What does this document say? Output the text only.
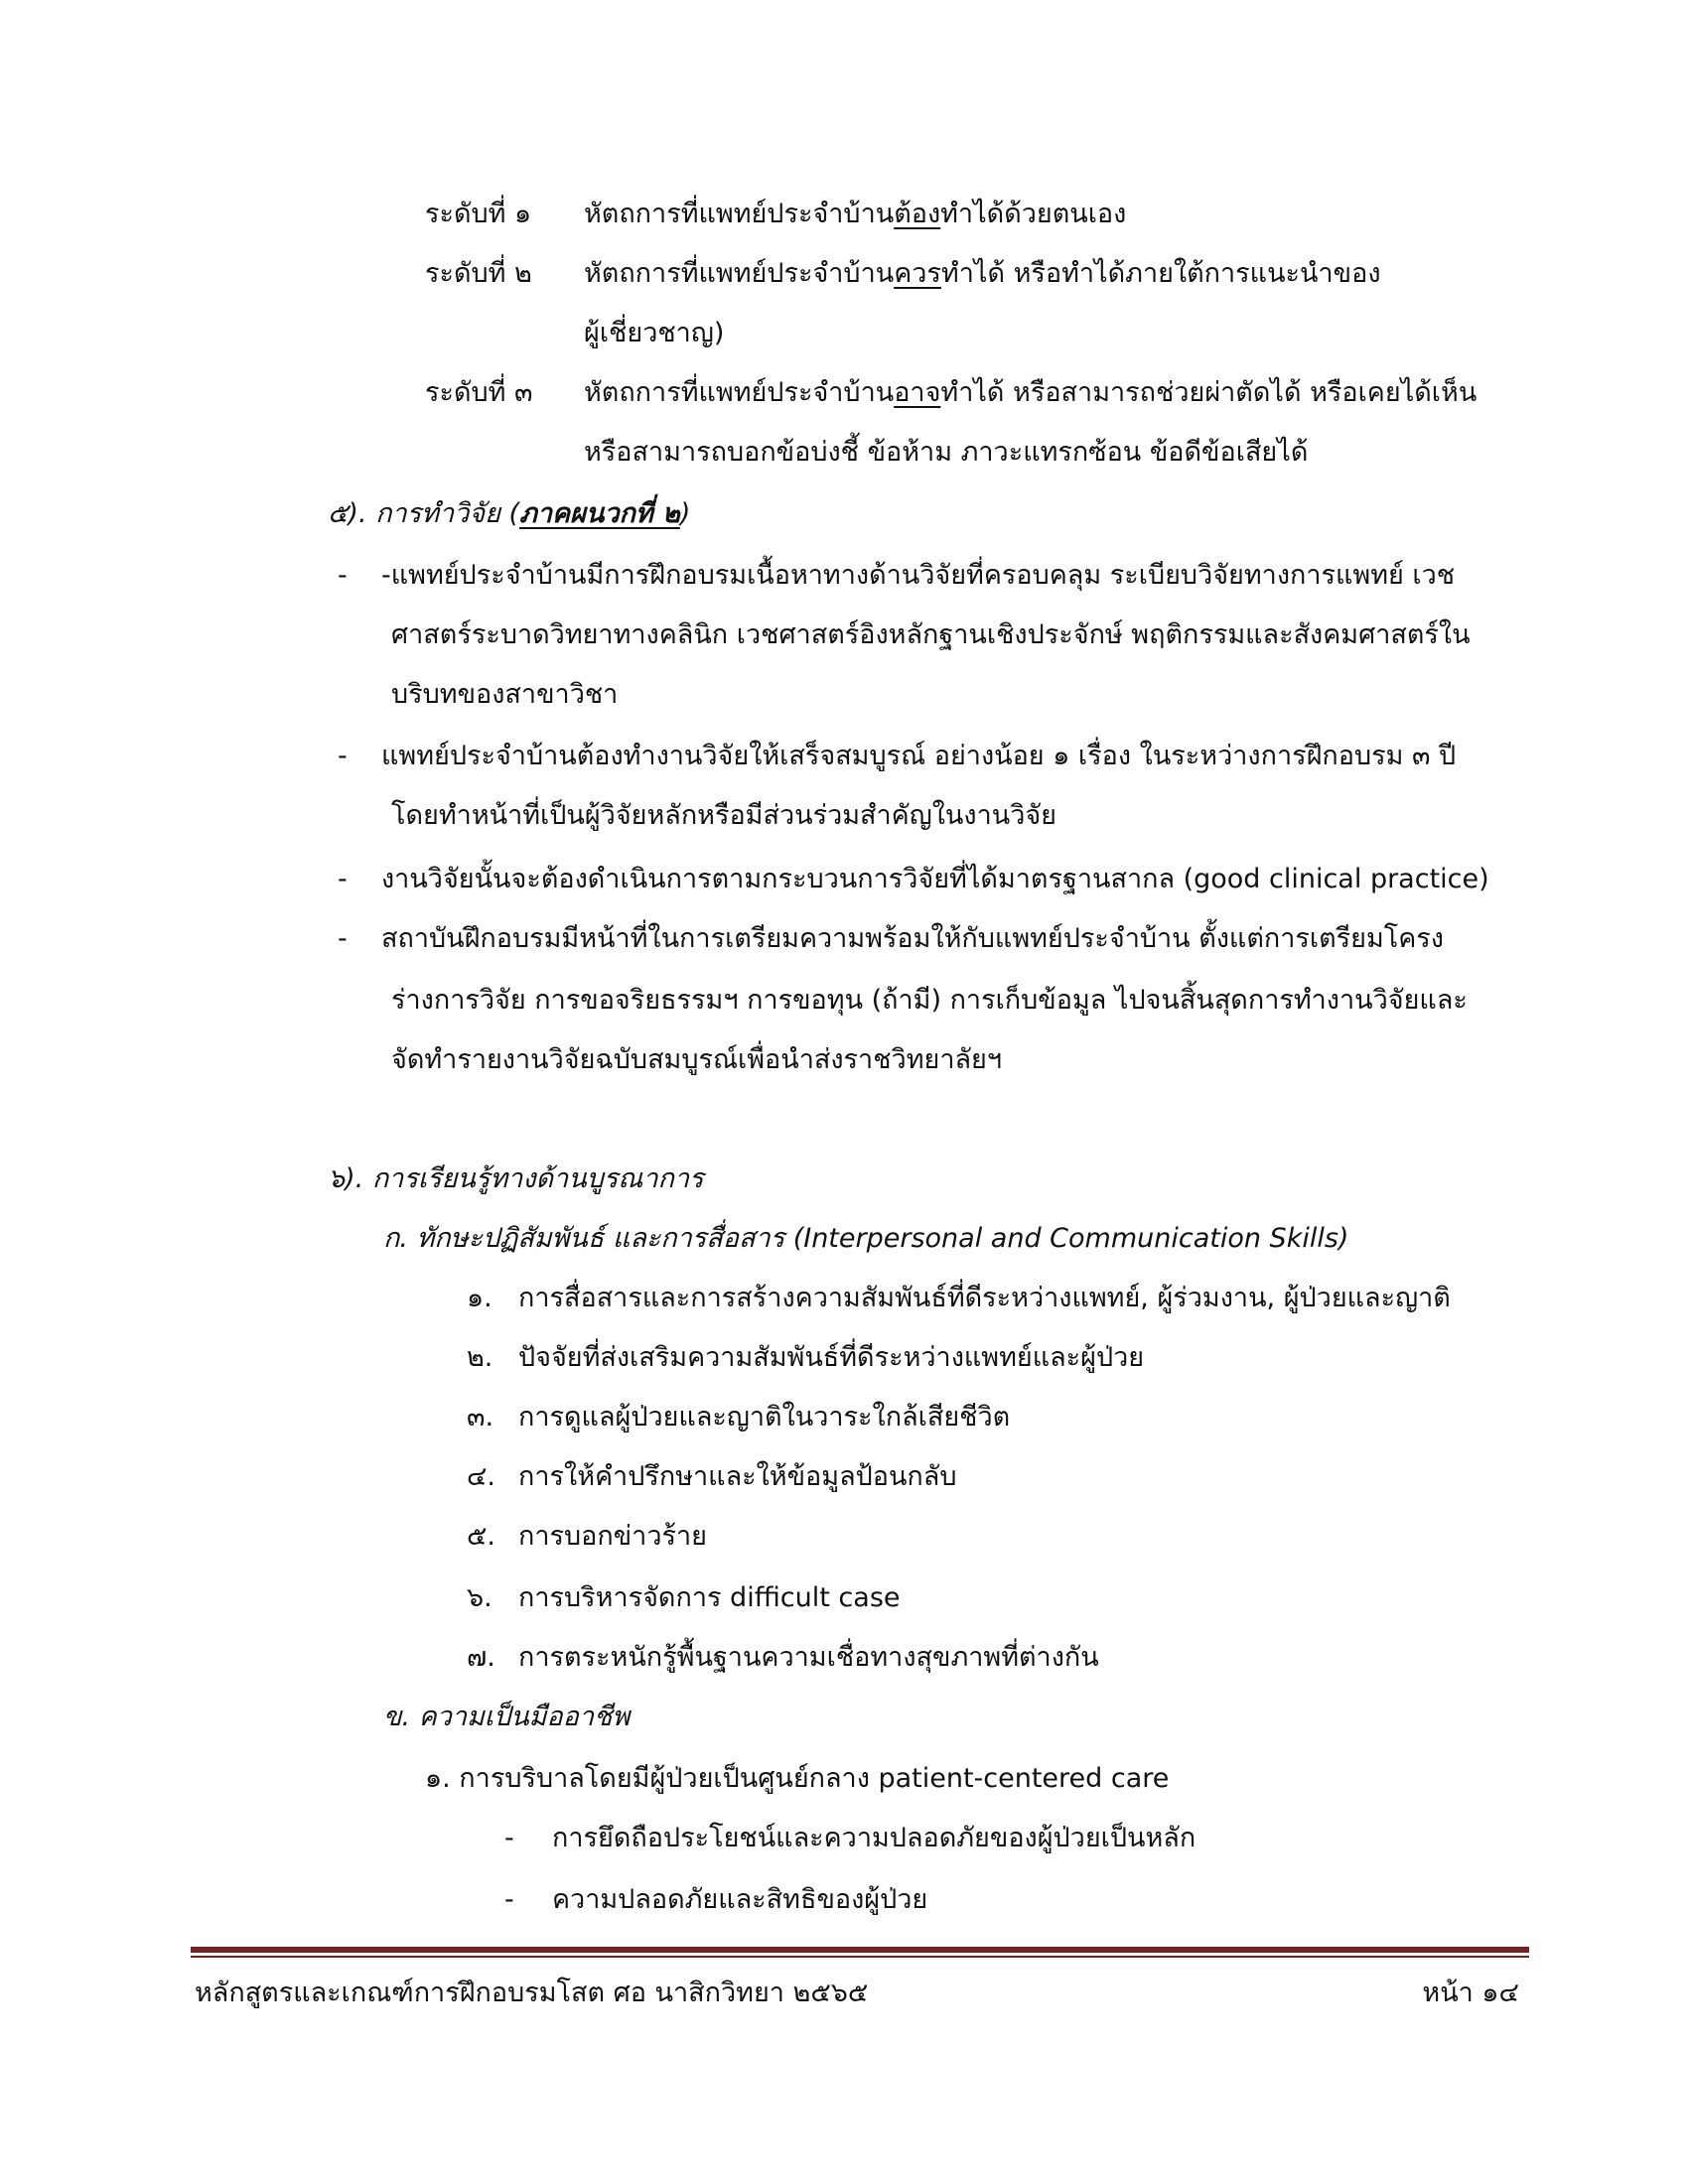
ระดับที่ ๑ หัตถการที่แพทย์ประจำบ้านต้องทำได้ด้วยตนเอง
ระดับที่ ๒ หัตถการที่แพทย์ประจำบ้านควรทำได้ หรือทำได้ภายใต้การแนะนำของ
ผู้เชี่ยวชาญ)
ระดับที่ ๓ หัตถการที่แพทย์ประจำบ้านอาจทำได้ หรือสามารถช่วยผ่าตัดได้ หรือเคยได้เห็น
หรือสามารถบอกข้อบ่งชี้ ข้อห้าม ภาวะแทรกซ้อน ข้อดีข้อเสียได้
๕). การทำวิจัย (ภาคผนวกที่ ๒)
- -แพทย์ประจำบ้านมีการฝึกอบรมเนื้อหาทางด้านวิจัยที่ครอบคลุม ระเบียบวิจัยทางการแพทย์ เวช
ศาสตร์ระบาดวิทยาทางคลินิก เวชศาสตร์อิงหลักฐานเชิงประจักษ์ พฤติกรรมและสังคมศาสตร์ใน
บริบทของสาขาวิชา
- แพทย์ประจำบ้านต้องทำงานวิจัยให้เสร็จสมบูรณ์ อย่างน้อย ๑ เรื่อง ในระหว่างการฝึกอบรม ๓ ปี
โดยทำหน้าที่เป็นผู้วิจัยหลักหรือมีส่วนร่วมสำคัญในงานวิจัย
- งานวิจัยนั้นจะต้องดำเนินการตามกระบวนการวิจัยที่ได้มาตรฐานสากล (good clinical practice)
- สถาบันฝึกอบรมมีหน้าที่ในการเตรียมความพร้อมให้กับแพทย์ประจำบ้าน ตั้งแต่การเตรียมโครง
ร่างการวิจัย การขอจริยธรรมฯ การขอทุน (ถ้ามี) การเก็บข้อมูล ไปจนสิ้นสุดการทำงานวิจัยและ
จัดทำรายงานวิจัยฉบับสมบูรณ์เพื่อนำส่งราชวิทยาลัยฯ
๖). การเรียนรู้ทางด้านบูรณาการ
ก. ทักษะปฏิสัมพันธ์ และการสื่อสาร (Interpersonal and Communication Skills)
๑. การสื่อสารและการสร้างความสัมพันธ์ที่ดีระหว่างแพทย์, ผู้ร่วมงาน, ผู้ป่วยและญาติ
๒. ปัจจัยที่ส่งเสริมความสัมพันธ์ที่ดีระหว่างแพทย์และผู้ป่วย
๓. การดูแลผู้ป่วยและญาติในวาระใกล้เสียชีวิต
๔. การให้คำปรึกษาและให้ข้อมูลป้อนกลับ
๕. การบอกข่าวร้าย
๖. การบริหารจัดการ difficult case
๗. การตระหนักรู้พื้นฐานความเชื่อทางสุขภาพที่ต่างกัน
ข. ความเป็นมืออาชีพ
๑. การบริบาลโดยมีผู้ป่วยเป็นศูนย์กลาง patient-centered care
- การยึดถือประโยชน์และความปลอดภัยของผู้ป่วยเป็นหลัก
- ความปลอดภัยและสิทธิของผู้ป่วย
หลักสูตรและเกณฑ์การฝึกอบรมโสต ศอ นาสิกวิทยา ๒๕๖๕	หน้า ๑๔
